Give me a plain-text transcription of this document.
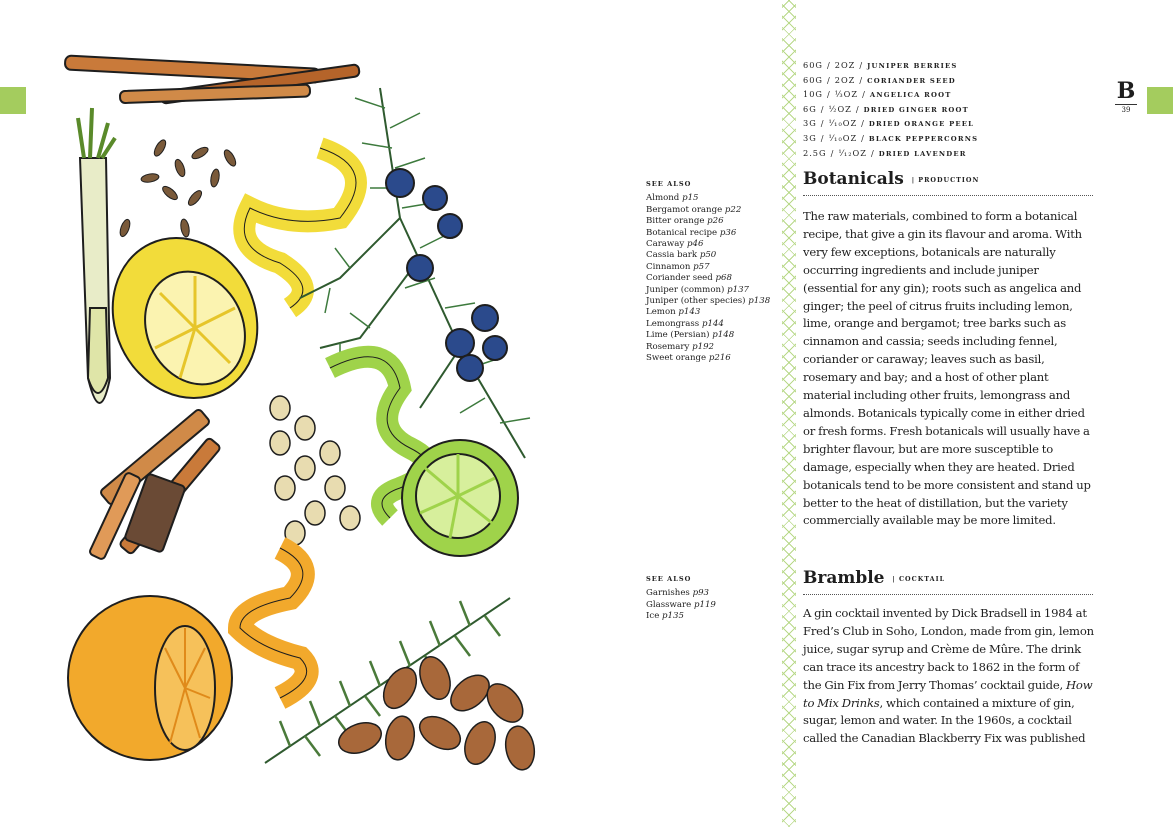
SEE ALSO
Almond p15
Bergamot orange p22
Bitter orange p26
Botanical recipe p36
Caraway p46
Cassia bark p50
Cinnamon p57
Coriander seed p68
Juniper (common) p137
Juniper (other species) p138
Lemon p143
Lemongrass p144
Lime (Persian) p148
Rosemary p192
Sweet orange p216
SEE ALSO
Garnishes p93
Glassware p119
Ice p135
60G / 2OZ / JUNIPER BERRIES
60G / 2OZ / CORIANDER SEED
10G / ⅓OZ / ANGELICA ROOT
6G / ½OZ / DRIED GINGER ROOT
3G / ⅟₁₀OZ / DRIED ORANGE PEEL
3G / ⅟₁₀OZ / BLACK PEPPERCORNS
2.5G / ⅟₁₂OZ / DRIED LAVENDER
B
39
Botanicals | PRODUCTION
The raw materials, combined to form a botanical recipe, that give a gin its flavour and aroma. With very few exceptions, botanicals are naturally occurring ingredients and include juniper (essential for any gin); roots such as angelica and ginger; the peel of citrus fruits including lemon, lime, orange and bergamot; tree barks such as cinnamon and cassia; seeds including fennel, coriander or caraway; leaves such as basil, rosemary and bay; and a host of other plant material including other fruits, lemongrass and almonds. Botanicals typically come in either dried or fresh forms. Fresh botanicals will usually have a brighter flavour, but are more susceptible to damage, especially when they are heated. Dried botanicals tend to be more consistent and stand up better to the heat of distillation, but the variety commercially available may be more limited.
Bramble | COCKTAIL
A gin cocktail invented by Dick Bradsell in 1984 at Fred’s Club in Soho, London, made from gin, lemon juice, sugar syrup and Crème de Mûre. The drink can trace its ancestry back to 1862 in the form of the Gin Fix from Jerry Thomas’ cocktail guide, How to Mix Drinks, which contained a mixture of gin, sugar, lemon and water. In the 1960s, a cocktail called the Canadian Blackberry Fix was published
